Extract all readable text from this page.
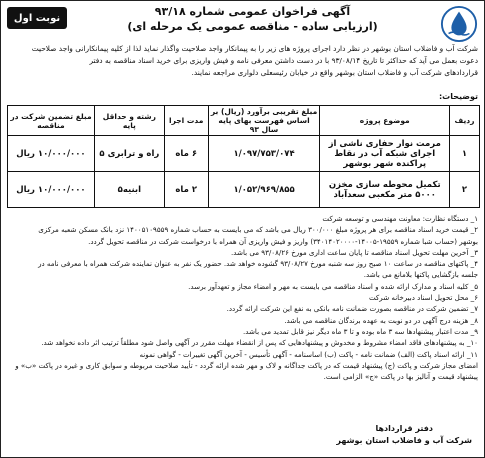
نوبت اول	آگهی فراخوان عمومی شماره ۹۳/۱۸
(ارزیابی ساده - مناقصه عمومی یک مرحله ای)

شرکت آب و فاضلاب استان بوشهر در نظر دارد اجرای پروژه های زیر را به پیمانکار واجد صلاحیت واگذار نماید لذا از کلیه پیمانکارانی واجد صلاحیت

دعوت بعمل می آید که حداکثر تا تاریخ ۹۳/۰۸/۱۴ با در دست داشتن معرفی نامه و فیش واریزی برای خرید اسناد مناقصه به دفتر

قراردادهای شرکت آب و فاضلاب استان بوشهر واقع در خیابان رئیسعلی دلواری مراجعه نمایند.

توضیحات:
ردیف	موضوع پروژه	مبلغ تقریبی برآورد (ریال) بر اساس فهرست بهای پایه سال ۹۳	مدت اجرا	رشته و حداقل پایه	مبلغ تضمین شرکت در مناقصه
۱	مرمت نوار حفاری ناشی از اجرای شبکه آب در نقاط پراکنده شهر بوشهر	۱/۰۹۷/۷۵۳/۰۷۴	۶ ماه	راه و ترابری ۵	۱۰/۰۰۰/۰۰۰ ریال
۲	تکمیل محوطه سازی مخزن ۵۰۰۰ متر مکعبی سعدآباد	۱/۰۵۲/۹۶۹/۸۵۵	۲ ماه	ابنیه۵	۱۰/۰۰۰/۰۰۰ ریال

۱_ دستگاه نظارت: معاونت مهندسی و توسعه شرکت

۲_ قیمت خرید اسناد مناقصه برای هر پروژه مبلغ ۳۰۰/۰۰۰ ریال می باشد که می بایست به حساب شماره ۱۴۰۰۵۱۰۹۵۵۹ نزد بانک مسکن شعبه مرکزی

بوشهر (حساب شبا شماره ۱۹۵۵۹-۱۴۰۰۵-۳۴۰۱۴۰۲۰۰۰۰) واریز و فیش واریزی آن همراه با درخواست شرکت در مناقصه تحویل گردد.

۳_ آخرین مهلت تحویل اسناد مناقصه تا پایان ساعت اداری مورخ ۹۳/۰۸/۲۶ می باشد.

۴_ پاکتهای مناقصه در ساعت ۱۰ صبح روز سه شنبه مورخ ۹۳/۰۸/۲۷ گشوده خواهد شد. حضور یک نفر به عنوان نماینده شرکت همراه با معرفی نامه در

جلسه بازگشایی پاکتها بلامانع می باشد.

۵_ کلیه اسناد و مدارک ارائه شده و اسناد مناقصه می بایست به مهر و امضاء مجاز و تعهدآور برسد.

۶_ محل تحویل اسناد دبیرخانه شرکت

۷_ تضمین شرکت در مناقصه بصورت ضمانت نامه بانکی به نفع این شرکت ارائه گردد.

۸_ هزینه درج آگهی در دو نوبت به عهده برندگان مناقصه می باشد.

۹_ مدت اعتبار پیشنهادها سه ۳ ماه بوده و تا ۳ ماه دیگر نیز قابل تمدید می باشد.

۱۰_ به پیشنهادهای فاقد امضاء مشروط و مخدوش و پیشنهادهایی که پس از انقضاء مهلت مقرر در آگهی واصل شود مطلقاً ترتیب اثر داده نخواهد شد.

۱۱_ ارائه اسناد پاکت (الف) ضمانت نامه - پاکت (ب) اساسنامه - آگهی تأسیس - آخرین آگهی تغییرات - گواهی نمونه

امضای مجاز شرکت و پاکت (ج) پیشنهاد قیمت که در پاکت جداگانه و لاک و مهر شده ارائه گردد - تأیید صلاحیت مربوطه و سوابق کاری و غیره در پاکت «ب» و

پیشنهاد قیمت و آنالیز بها در پاکت «ج» الزامی است.

دفتر قراردادها
شرکت آب و فاضلاب استان بوشهر
